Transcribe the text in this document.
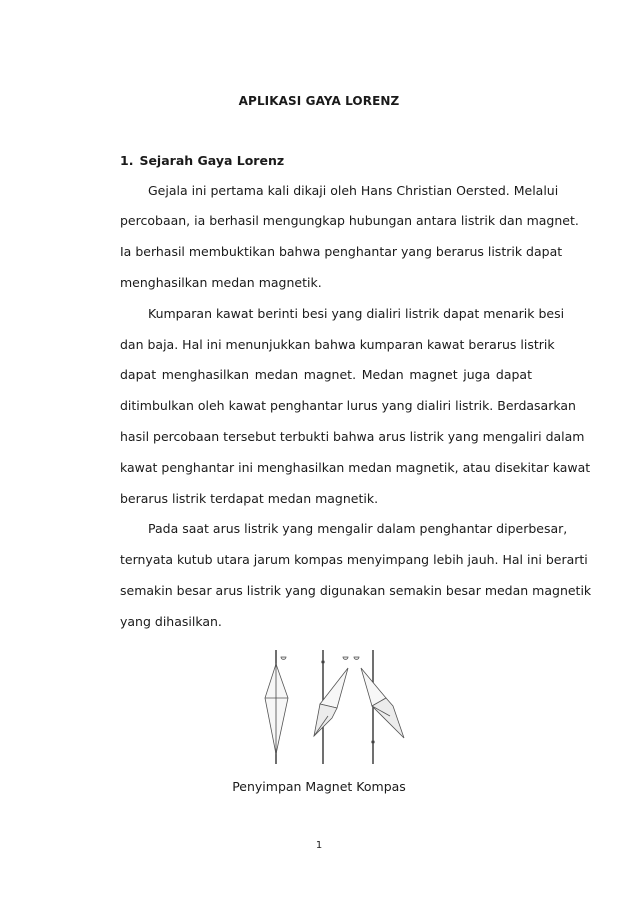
APLIKASI GAYA LORENZ
1. Sejarah Gaya Lorenz

Gejala ini pertama kali dikaji oleh Hans Christian Oersted. Melalui

percobaan, ia berhasil mengungkap hubungan antara listrik dan magnet.

Ia berhasil membuktikan bahwa penghantar yang berarus listrik dapat

menghasilkan medan magnetik.

Kumparan kawat berinti besi yang dialiri listrik dapat menarik besi

dan baja. Hal ini menunjukkan bahwa kumparan kawat berarus listrik

dapat menghasilkan medan magnet. Medan magnet juga dapat

ditimbulkan oleh kawat penghantar lurus yang dialiri listrik. Berdasarkan

hasil percobaan tersebut terbukti bahwa arus listrik yang mengaliri dalam

kawat penghantar ini menghasilkan medan magnetik, atau disekitar kawat

berarus listrik terdapat medan magnetik.

Pada saat arus listrik yang mengalir dalam penghantar diperbesar,

ternyata kutub utara jarum kompas menyimpang lebih jauh. Hal ini berarti

semakin besar arus listrik yang digunakan semakin besar medan magnetik

yang dihasilkan.

Penyimpan Magnet Kompas

1
